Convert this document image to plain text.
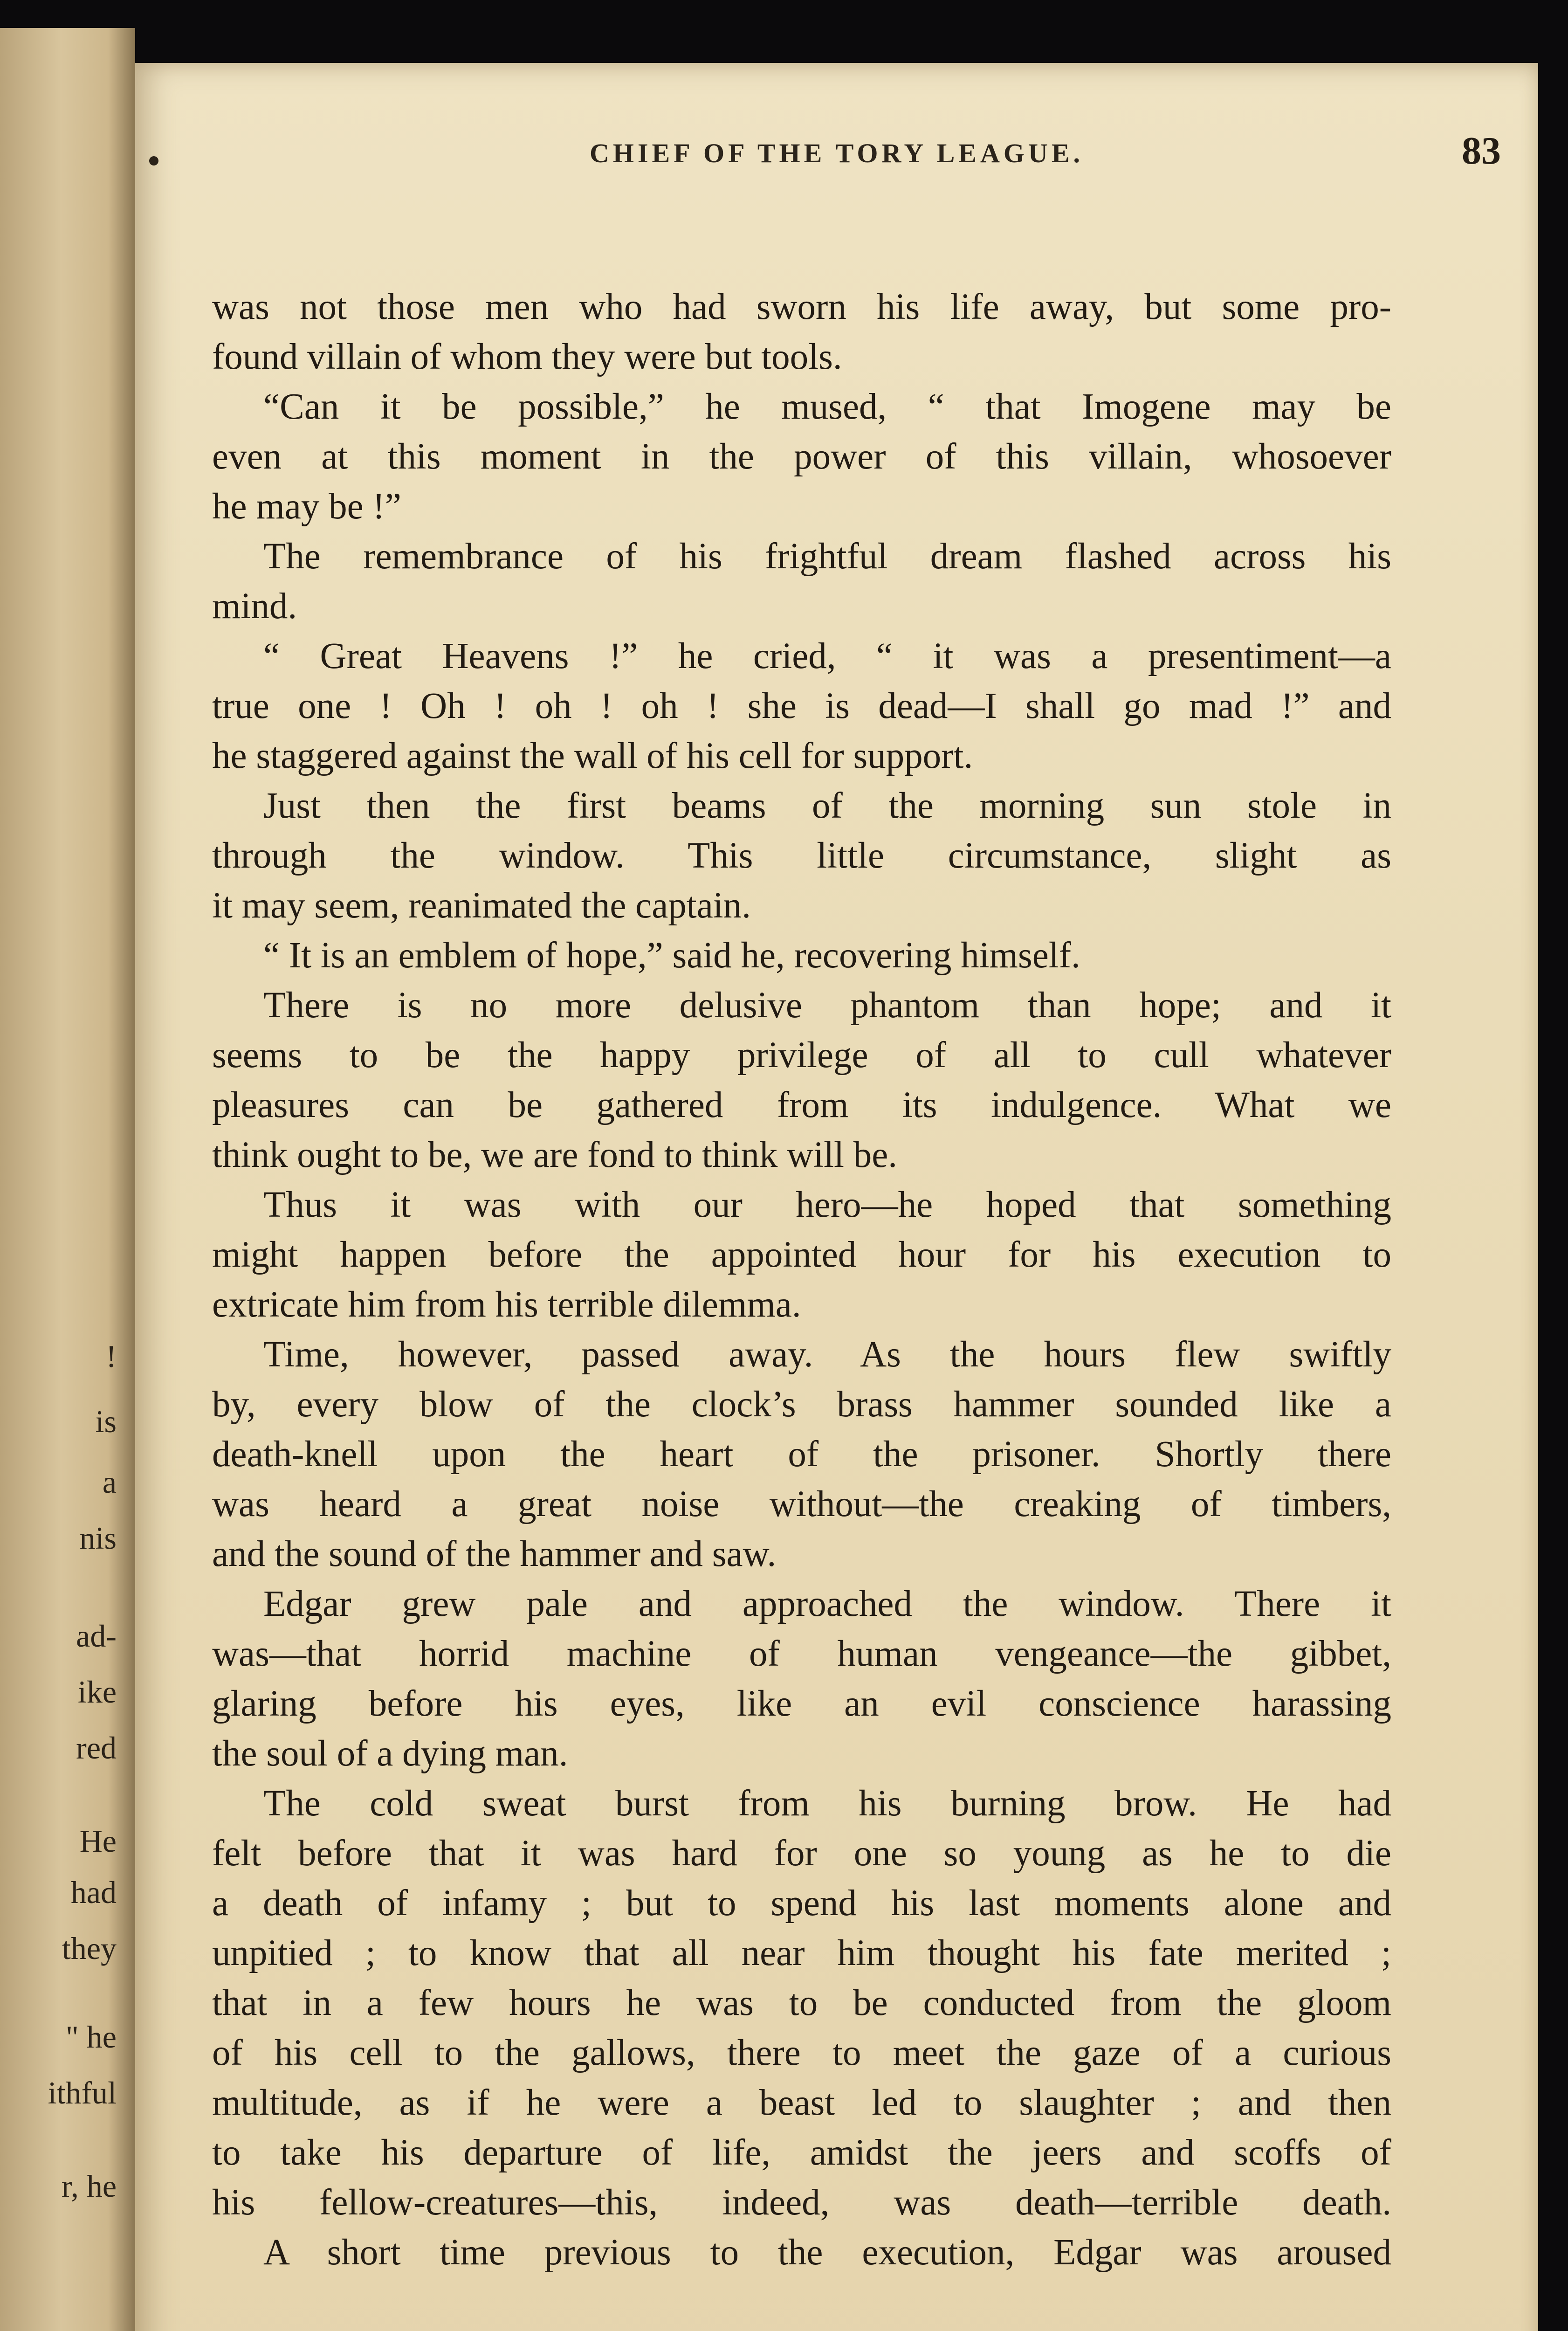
!
is
a
nis
ad-
ike
red
He
had
they
" he
ithful
r, he
CHIEF OF THE TORY LEAGUE.	83
was not those men who had sworn his life away, but some pro-
found villain of whom they were but tools.
“Can it be possible,” he mused, “ that Imogene may be
even at this moment in the power of this villain, whosoever
he may be !”
The remembrance of his frightful dream flashed across his
mind.
“ Great Heavens !” he cried, “ it was a presentiment—a
true one ! Oh ! oh ! oh ! she is dead—I shall go mad !” and
he staggered against the wall of his cell for support.
Just then the first beams of the morning sun stole in
through the window. This little circumstance, slight as
it may seem, reanimated the captain.
“ It is an emblem of hope,” said he, recovering himself.
There is no more delusive phantom than hope; and it
seems to be the happy privilege of all to cull whatever
pleasures can be gathered from its indulgence. What we
think ought to be, we are fond to think will be.
Thus it was with our hero—he hoped that something
might happen before the appointed hour for his execution to
extricate him from his terrible dilemma.
Time, however, passed away. As the hours flew swiftly
by, every blow of the clock’s brass hammer sounded like a
death-knell upon the heart of the prisoner. Shortly there
was heard a great noise without—the creaking of timbers,
and the sound of the hammer and saw.
Edgar grew pale and approached the window. There it
was—that horrid machine of human vengeance—the gibbet,
glaring before his eyes, like an evil conscience harassing
the soul of a dying man.
The cold sweat burst from his burning brow. He had
felt before that it was hard for one so young as he to die
a death of infamy ; but to spend his last moments alone and
unpitied ; to know that all near him thought his fate merited ;
that in a few hours he was to be conducted from the gloom
of his cell to the gallows, there to meet the gaze of a curious
multitude, as if he were a beast led to slaughter ; and then
to take his departure of life, amidst the jeers and scoffs of
his fellow-creatures—this, indeed, was death—terrible death.
A short time previous to the execution, Edgar was aroused
